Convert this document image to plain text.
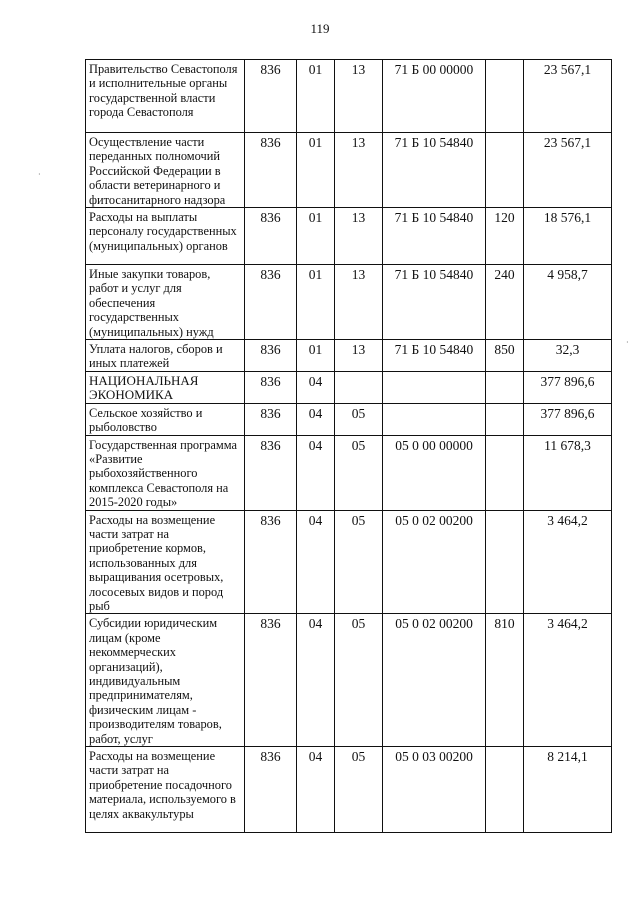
119
Правительство Севастополя и исполнительные органы государственной власти города Севастополя	836	01	13	71 Б 00 00000		23 567,1
Осуществление части переданных полномочий Российской Федерации в области ветеринарного и фитосанитарного надзора	836	01	13	71 Б 10 54840		23 567,1
Расходы на выплаты персоналу государственных (муниципальных) органов	836	01	13	71 Б 10 54840	120	18 576,1
Иные закупки товаров, работ и услуг для обеспечения государственных (муниципальных) нужд	836	01	13	71 Б 10 54840	240	4 958,7
Уплата налогов, сборов и иных платежей	836	01	13	71 Б 10 54840	850	32,3
НАЦИОНАЛЬНАЯ ЭКОНОМИКА	836	04				377 896,6
Сельское хозяйство и рыболовство	836	04	05			377 896,6
Государственная программа «Развитие рыбохозяйственного комплекса Севастополя на 2015-2020 годы»	836	04	05	05 0 00 00000		11 678,3
Расходы на возмещение части затрат на приобретение кормов, использованных для выращивания осетровых, лососевых видов и пород рыб	836	04	05	05 0 02 00200		3 464,2
Субсидии юридическим лицам (кроме некоммерческих организаций), индивидуальным предпринимателям, физическим лицам - производителям товаров, работ, услуг	836	04	05	05 0 02 00200	810	3 464,2
Расходы на возмещение части затрат на приобретение посадочного материала, используемого в целях аквакультуры	836	04	05	05 0 03 00200		8 214,1
·
·
